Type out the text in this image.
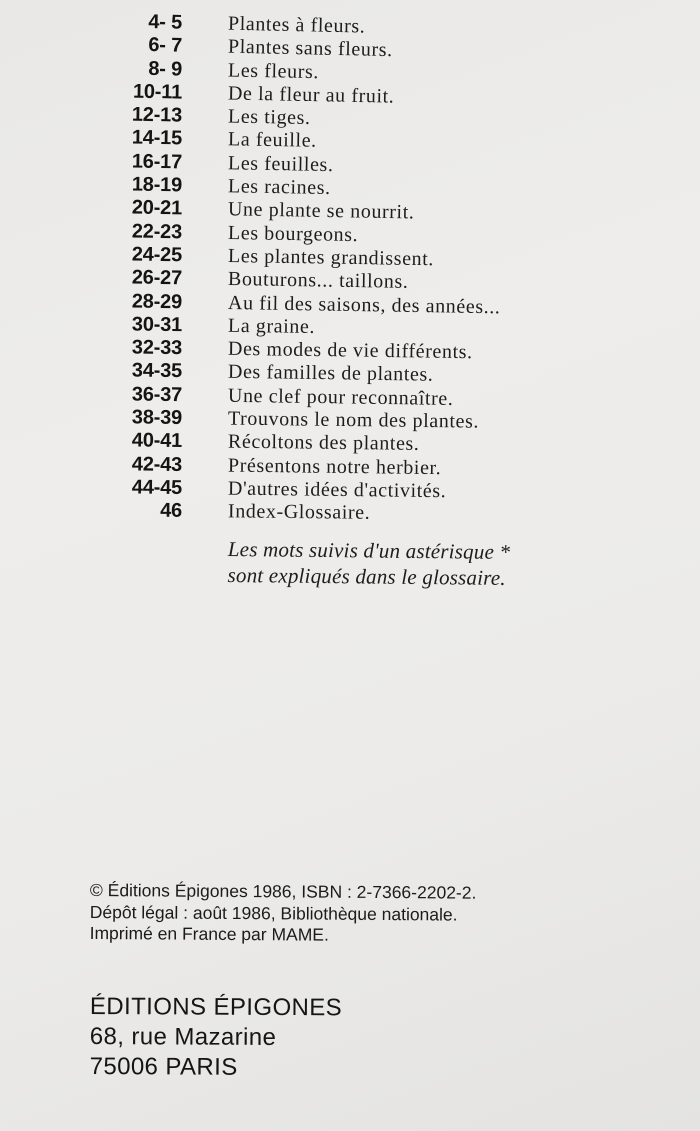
4- 5 Plantes à fleurs.
6- 7 Plantes sans fleurs.
8- 9 Les fleurs.
10-11 De la fleur au fruit.
12-13 Les tiges.
14-15 La feuille.
16-17 Les feuilles.
18-19 Les racines.
20-21 Une plante se nourrit.
22-23 Les bourgeons.
24-25 Les plantes grandissent.
26-27 Bouturons... taillons.
28-29 Au fil des saisons, des années...
30-31 La graine.
32-33 Des modes de vie différents.
34-35 Des familles de plantes.
36-37 Une clef pour reconnaître.
38-39 Trouvons le nom des plantes.
40-41 Récoltons des plantes.
42-43 Présentons notre herbier.
44-45 D'autres idées d'activités.
46 Index-Glossaire.
Les mots suivis d'un astérisque *
sont expliqués dans le glossaire.
© Éditions Épigones 1986, ISBN : 2-7366-2202-2.
Dépôt légal : août 1986, Bibliothèque nationale.
Imprimé en France par MAME.
ÉDITIONS ÉPIGONES
68, rue Mazarine
75006 PARIS
